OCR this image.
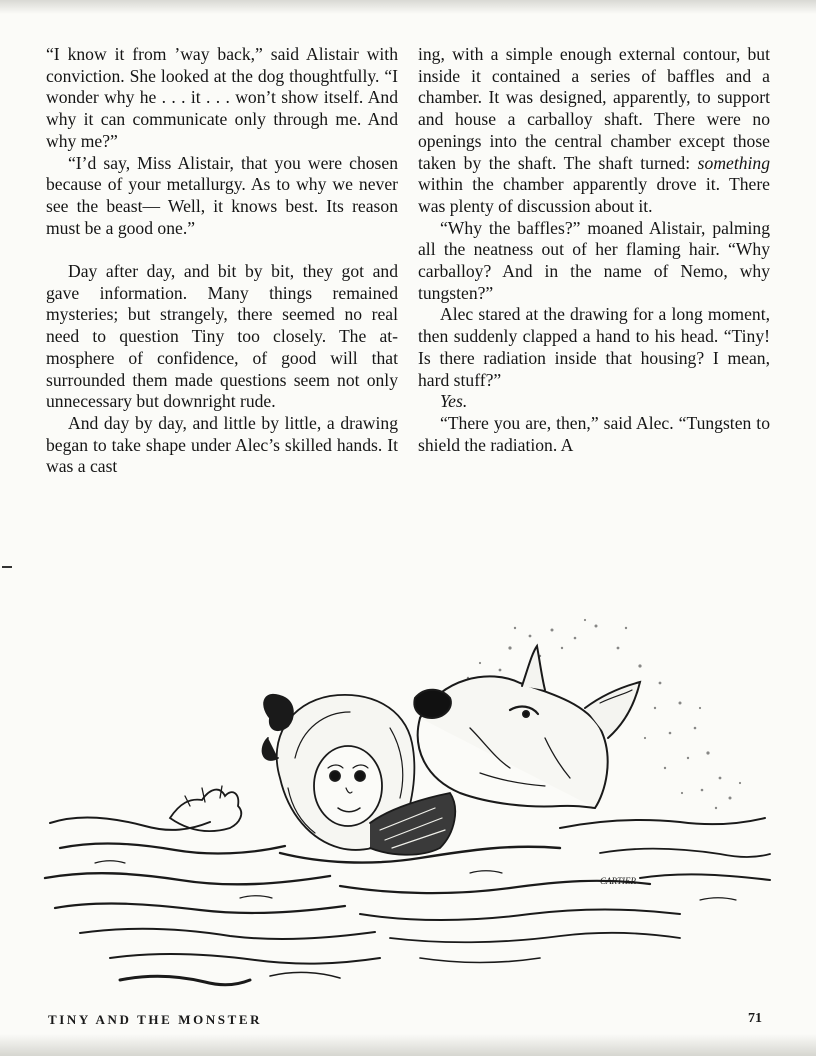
“I know it from ’way back,” said Alistair with conviction. She looked at the dog thoughtfully. “I wonder why he . . . it . . . won’t show itself. And why it can communicate only through me. And why me?”

“I’d say, Miss Alistair, that you were chosen because of your metallurgy. As to why we never see the beast— Well, it knows best. Its reason must be a good one.”

Day after day, and bit by bit, they got and gave information. Many things remained mysteries; but strangely, there seemed no real need to question Tiny too closely. The atmosphere of confidence, of good will that surrounded them made questions seem not only unnecessary but downright rude.

And day by day, and little by little, a drawing began to take shape under Alec’s skilled hands. It was a cast

ing, with a simple enough external contour, but inside it contained a series of baffles and a chamber. It was designed, apparently, to support and house a carballoy shaft. There were no openings into the central chamber except those taken by the shaft. The shaft turned: something within the chamber apparently drove it. There was plenty of discussion about it.

“Why the baffles?” moaned Alistair, palming all the neatness out of her flaming hair. “Why carballoy? And in the name of Nemo, why tungsten?”

Alec stared at the drawing for a long moment, then suddenly clapped a hand to his head. “Tiny! Is there radiation inside that housing? I mean, hard stuff?”

Yes.

“There you are, then,” said Alec. “Tungsten to shield the radiation. A

CARTIER
TINY AND THE MONSTER	71
